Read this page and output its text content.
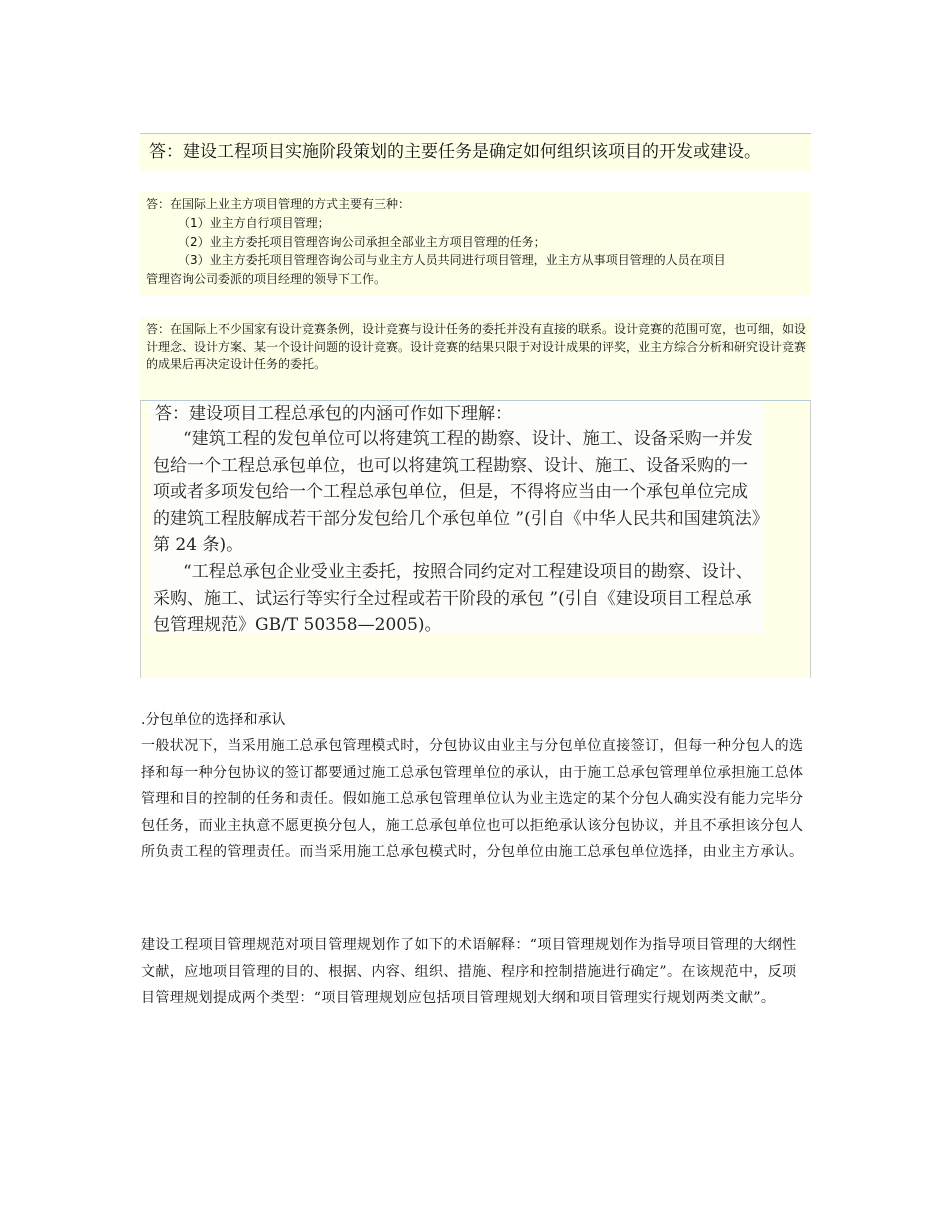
答：建设工程项目实施阶段策划的主要任务是确定如何组织该项目的开发或建设。

答：在国际上业主方项目管理的方式主要有三种：

（1）业主方自行项目管理；

（2）业主方委托项目管理咨询公司承担全部业主方项目管理的任务；

（3）业主方委托项目管理咨询公司与业主方人员共同进行项目管理，业主方从事项目管理的人员在项目

管理咨询公司委派的项目经理的领导下工作。

答：在国际上不少国家有设计竞赛条例，设计竞赛与设计任务的委托并没有直接的联系。设计竞赛的范围可宽，也可细，如设计理念、设计方案、某一个设计问题的设计竞赛。设计竞赛的结果只限于对设计成果的评奖，业主方综合分析和研究设计竞赛的成果后再决定设计任务的委托。

答：建设项目工程总承包的内涵可作如下理解：

“建筑工程的发包单位可以将建筑工程的勘察、设计、施工、设备采购一并发包给一个工程总承包单位，也可以将建筑工程勘察、设计、施工、设备采购的一项或者多项发包给一个工程总承包单位，但是，不得将应当由一个承包单位完成的建筑工程肢解成若干部分发包给几个承包单位 ”(引自《中华人民共和国建筑法》第 24 条)。

“工程总承包企业受业主委托，按照合同约定对工程建设项目的勘察、设计、采购、施工、试运行等实行全过程或若干阶段的承包 ”(引自《建设项目工程总承包管理规范》GB/T 50358—2005)。

.分包单位的选择和承认

一般状况下，当采用施工总承包管理模式时，分包协议由业主与分包单位直接签订，但每一种分包人的选择和每一种分包协议的签订都要通过施工总承包管理单位的承认，由于施工总承包管理单位承担施工总体管理和目的控制的任务和责任。假如施工总承包管理单位认为业主选定的某个分包人确实没有能力完毕分包任务，而业主执意不愿更换分包人，施工总承包单位也可以拒绝承认该分包协议，并且不承担该分包人所负责工程的管理责任。而当采用施工总承包模式时，分包单位由施工总承包单位选择，由业主方承认。

建设工程项目管理规范对项目管理规划作了如下的术语解释：“项目管理规划作为指导项目管理的大纲性文献，应地项目管理的目的、根据、内容、组织、措施、程序和控制措施进行确定”。在该规范中，反项目管理规划提成两个类型：“项目管理规划应包括项目管理规划大纲和项目管理实行规划两类文献”。
